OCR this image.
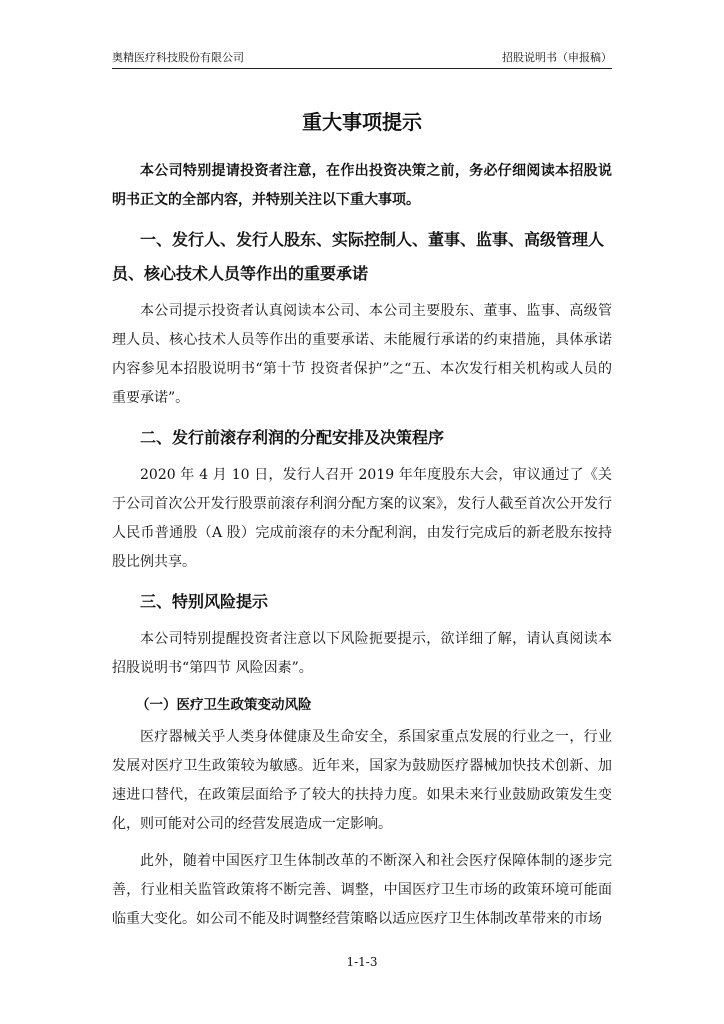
奥精医疗科技股份有限公司	招股说明书（申报稿）
重大事项提示

本公司特别提请投资者注意，在作出投资决策之前，务必仔细阅读本招股说明书正文的全部内容，并特别关注以下重大事项。

一、发行人、发行人股东、实际控制人、董事、监事、高级管理人员、核心技术人员等作出的重要承诺

本公司提示投资者认真阅读本公司、本公司主要股东、董事、监事、高级管理人员、核心技术人员等作出的重要承诺、未能履行承诺的约束措施，具体承诺内容参见本招股说明书“第十节 投资者保护”之“五、本次发行相关机构或人员的重要承诺”。

二、发行前滚存利润的分配安排及决策程序

2020 年 4 月 10 日，发行人召开 2019 年年度股东大会，审议通过了《关于公司首次公开发行股票前滚存利润分配方案的议案》，发行人截至首次公开发行人民币普通股（A 股）完成前滚存的未分配利润，由发行完成后的新老股东按持股比例共享。

三、特别风险提示

本公司特别提醒投资者注意以下风险扼要提示，欲详细了解，请认真阅读本招股说明书“第四节 风险因素”。

（一）医疗卫生政策变动风险

医疗器械关乎人类身体健康及生命安全，系国家重点发展的行业之一，行业发展对医疗卫生政策较为敏感。近年来，国家为鼓励医疗器械加快技术创新、加速进口替代，在政策层面给予了较大的扶持力度。如果未来行业鼓励政策发生变化，则可能对公司的经营发展造成一定影响。

此外，随着中国医疗卫生体制改革的不断深入和社会医疗保障体制的逐步完善，行业相关监管政策将不断完善、调整，中国医疗卫生市场的政策环境可能面临重大变化。如公司不能及时调整经营策略以适应医疗卫生体制改革带来的市场

1-1-3
